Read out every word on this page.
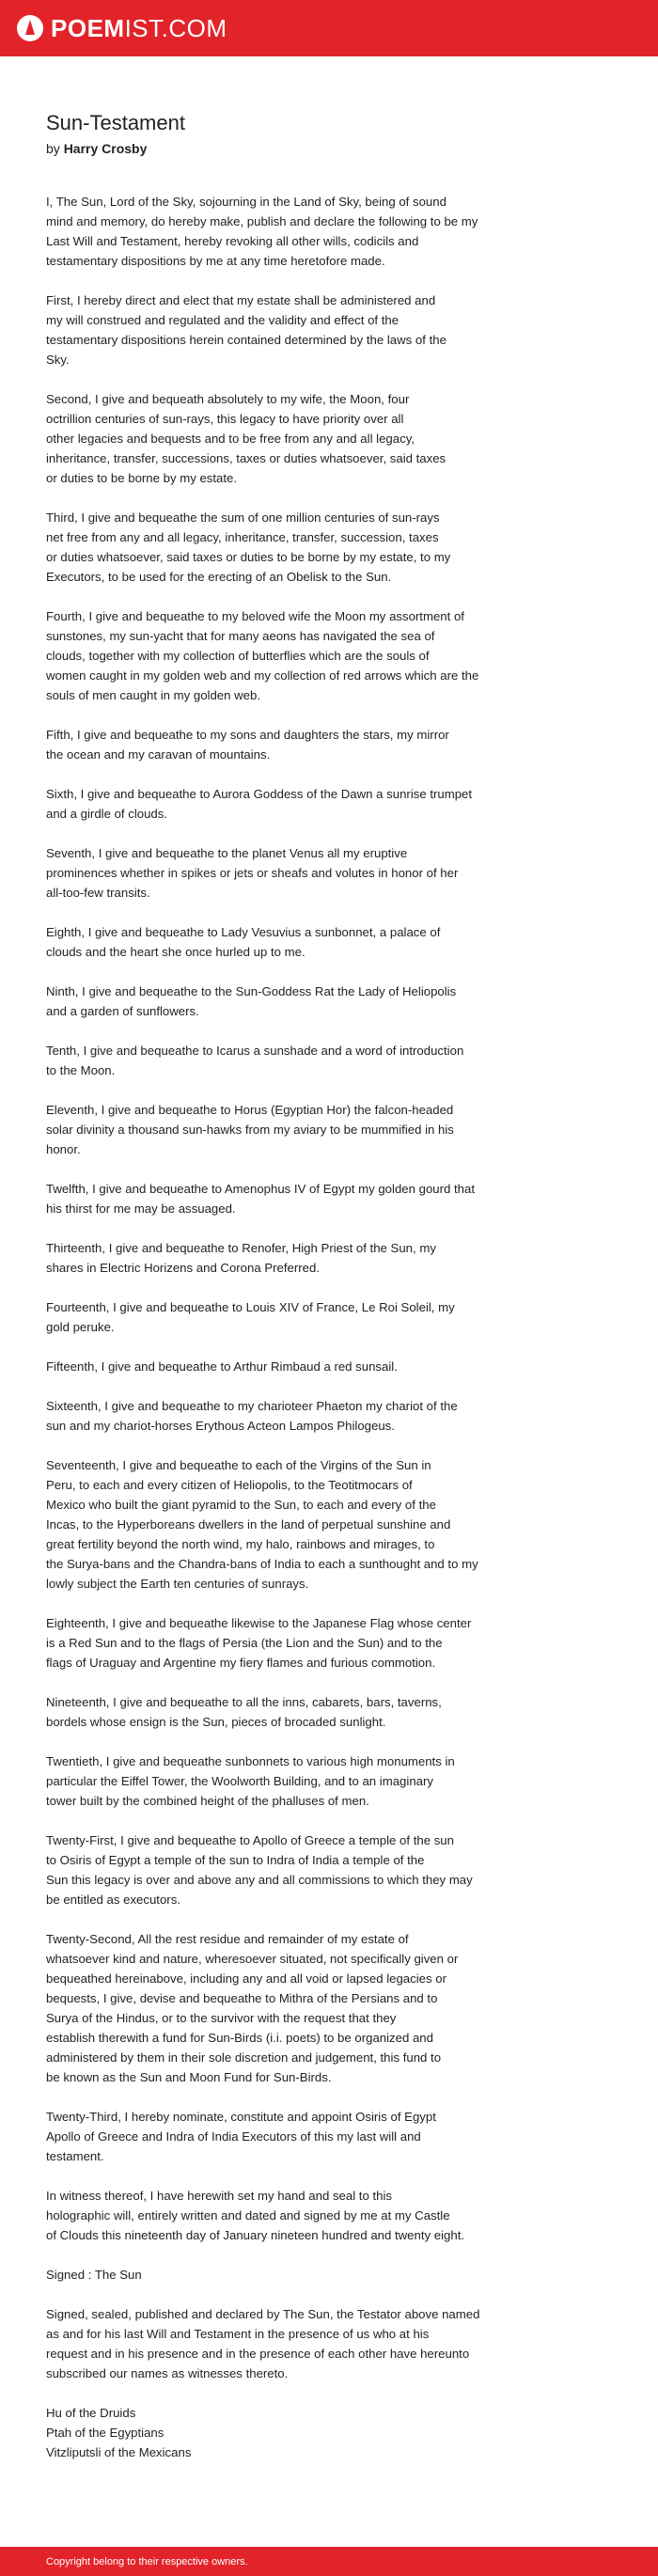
POEMIST.COM
Sun-Testament
by Harry Crosby
I, The Sun, Lord of the Sky, sojourning in the Land of Sky, being of sound
mind and memory, do hereby make, publish and declare the following to be my
Last Will and Testament, hereby revoking all other wills, codicils and
testamentary dispositions by me at any time heretofore made.
First, I hereby direct and elect that my estate shall be administered and
my will construed and regulated and the validity and effect of the
testamentary dispositions herein contained determined by the laws of the
Sky.
Second, I give and bequeath absolutely to my wife, the Moon, four
octrillion centuries of sun-rays, this legacy to have priority over all
other legacies and bequests and to be free from any and all legacy,
inheritance, transfer, successions, taxes or duties whatsoever, said taxes
or duties to be borne by my estate.
Third, I give and bequeathe the sum of one million centuries of sun-rays
net free from any and all legacy, inheritance, transfer, succession, taxes
or duties whatsoever, said taxes or duties to be borne by my estate, to my
Executors, to be used for the erecting of an Obelisk to the Sun.
Fourth, I give and bequeathe to my beloved wife the Moon my assortment of
sunstones, my sun-yacht that for many aeons has navigated the sea of
clouds, together with my collection of butterflies which are the souls of
women caught in my golden web and my collection of red arrows which are the
souls of men caught in my golden web.
Fifth, I give and bequeathe to my sons and daughters the stars, my mirror
the ocean and my caravan of mountains.
Sixth, I give and bequeathe to Aurora Goddess of the Dawn a sunrise trumpet
and a girdle of clouds.
Seventh, I give and bequeathe to the planet Venus all my eruptive
prominences whether in spikes or jets or sheafs and volutes in honor of her
all-too-few transits.
Eighth, I give and bequeathe to Lady Vesuvius a sunbonnet, a palace of
clouds and the heart she once hurled up to me.
Ninth, I give and bequeathe to the Sun-Goddess Rat the Lady of Heliopolis
and a garden of sunflowers.
Tenth, I give and bequeathe to Icarus a sunshade and a word of introduction
to the Moon.
Eleventh, I give and bequeathe to Horus (Egyptian Hor) the falcon-headed
solar divinity a thousand sun-hawks from my aviary to be mummified in his
honor.
Twelfth, I give and bequeathe to Amenophus IV of Egypt my golden gourd that
his thirst for me may be assuaged.
Thirteenth, I give and bequeathe to Renofer, High Priest of the Sun, my
shares in Electric Horizens and Corona Preferred.
Fourteenth, I give and bequeathe to Louis XIV of France, Le Roi Soleil, my
gold peruke.
Fifteenth, I give and bequeathe to Arthur Rimbaud a red sunsail.
Sixteenth, I give and bequeathe to my charioteer Phaeton my chariot of the
sun and my chariot-horses Erythous Acteon Lampos Philogeus.
Seventeenth, I give and bequeathe to each of the Virgins of the Sun in
Peru, to each and every citizen of Heliopolis, to the Teotitmocars of
Mexico who built the giant pyramid to the Sun, to each and every of the
Incas, to the Hyperboreans dwellers in the land of perpetual sunshine and
great fertility beyond the north wind, my halo, rainbows and mirages, to
the Surya-bans and the Chandra-bans of India to each a sunthought and to my
lowly subject the Earth ten centuries of sunrays.
Eighteenth, I give and bequeathe likewise to the Japanese Flag whose center
is a Red Sun and to the flags of Persia (the Lion and the Sun) and to the
flags of Uraguay and Argentine my fiery flames and furious commotion.
Nineteenth, I give and bequeathe to all the inns, cabarets, bars, taverns,
bordels whose ensign is the Sun, pieces of brocaded sunlight.
Twentieth, I give and bequeathe sunbonnets to various high monuments in
particular the Eiffel Tower, the Woolworth Building, and to an imaginary
tower built by the combined height of the phalluses of men.
Twenty-First, I give and bequeathe to Apollo of Greece a temple of the sun
to Osiris of Egypt a temple of the sun to Indra of India a temple of the
Sun this legacy is over and above any and all commissions to which they may
be entitled as executors.
Twenty-Second, All the rest residue and remainder of my estate of
whatsoever kind and nature, wheresoever situated, not specifically given or
bequeathed hereinabove, including any and all void or lapsed legacies or
bequests, I give, devise and bequeathe to Mithra of the Persians and to
Surya of the Hindus, or to the survivor with the request that they
establish therewith a fund for Sun-Birds (i.i. poets) to be organized and
administered by them in their sole discretion and judgement, this fund to
be known as the Sun and Moon Fund for Sun-Birds.
Twenty-Third, I hereby nominate, constitute and appoint Osiris of Egypt
Apollo of Greece and Indra of India Executors of this my last will and
testament.
In witness thereof, I have herewith set my hand and seal to this
holographic will, entirely written and dated and signed by me at my Castle
of Clouds this nineteenth day of January nineteen hundred and twenty eight.
Signed : The Sun
Signed, sealed, published and declared by The Sun, the Testator above named
as and for his last Will and Testament in the presence of us who at his
request and in his presence and in the presence of each other have hereunto
subscribed our names as witnesses thereto.
Hu of the Druids
Ptah of the Egyptians
Vitzliputsli of the Mexicans
Copyright belong to their respective owners.
